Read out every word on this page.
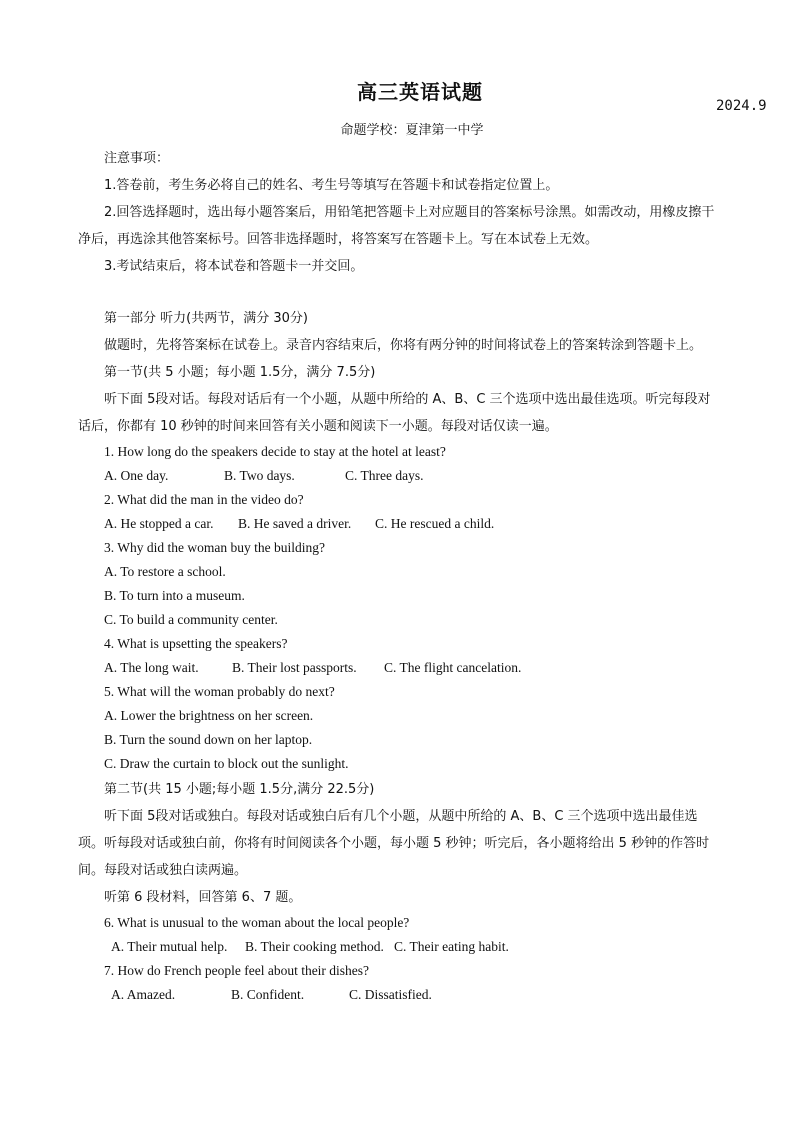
高三英语试题
2024.9
命题学校：夏津第一中学

注意事项：

1.答卷前，考生务必将自己的姓名、考生号等填写在答题卡和试卷指定位置上。

2.回答选择题时，选出每小题答案后，用铅笔把答题卡上对应题目的答案标号涂黑。如需改动，用橡皮擦干净后，再选涂其他答案标号。回答非选择题时，将答案写在答题卡上。写在本试卷上无效。

3.考试结束后，将本试卷和答题卡一并交回。

第一部分 听力(共两节，满分 30分)

做题时，先将答案标在试卷上。录音内容结束后，你将有两分钟的时间将试卷上的答案转涂到答题卡上。

第一节(共 5 小题；每小题 1.5分，满分 7.5分)

听下面 5段对话。每段对话后有一个小题，从题中所给的 A、B、C 三个选项中选出最佳选项。听完每段对话后，你都有 10 秒钟的时间来回答有关小题和阅读下一小题。每段对话仅读一遍。

1. How long do the speakers decide to stay at the hotel at least?

A. One day.	B. Two days.	C. Three days.

2. What did the man in the video do?

A. He stopped a car.	B. He saved a driver.	C. He rescued a child.

3. Why did the woman buy the building?

A. To restore a school.

B. To turn into a museum.

C. To build a community center.

4. What is upsetting the speakers?

A. The long wait.	B. Their lost passports.	C. The flight cancelation.

5. What will the woman probably do next?

A. Lower the brightness on her screen.

B. Turn the sound down on her laptop.

C. Draw the curtain to block out the sunlight.

第二节(共 15 小题;每小题 1.5分,满分 22.5分)

听下面 5段对话或独白。每段对话或独白后有几个小题，从题中所给的 A、B、C 三个选项中选出最佳选项。听每段对话或独白前，你将有时间阅读各个小题，每小题 5 秒钟；听完后，各小题将给出 5 秒钟的作答时间。每段对话或独白读两遍。

听第 6 段材料，回答第 6、7 题。

6. What is unusual to the woman about the local people?

A. Their mutual help.	B. Their cooking method. C. Their eating habit.

7. How do French people feel about their dishes?

A. Amazed.	B. Confident.	C. Dissatisfied.
